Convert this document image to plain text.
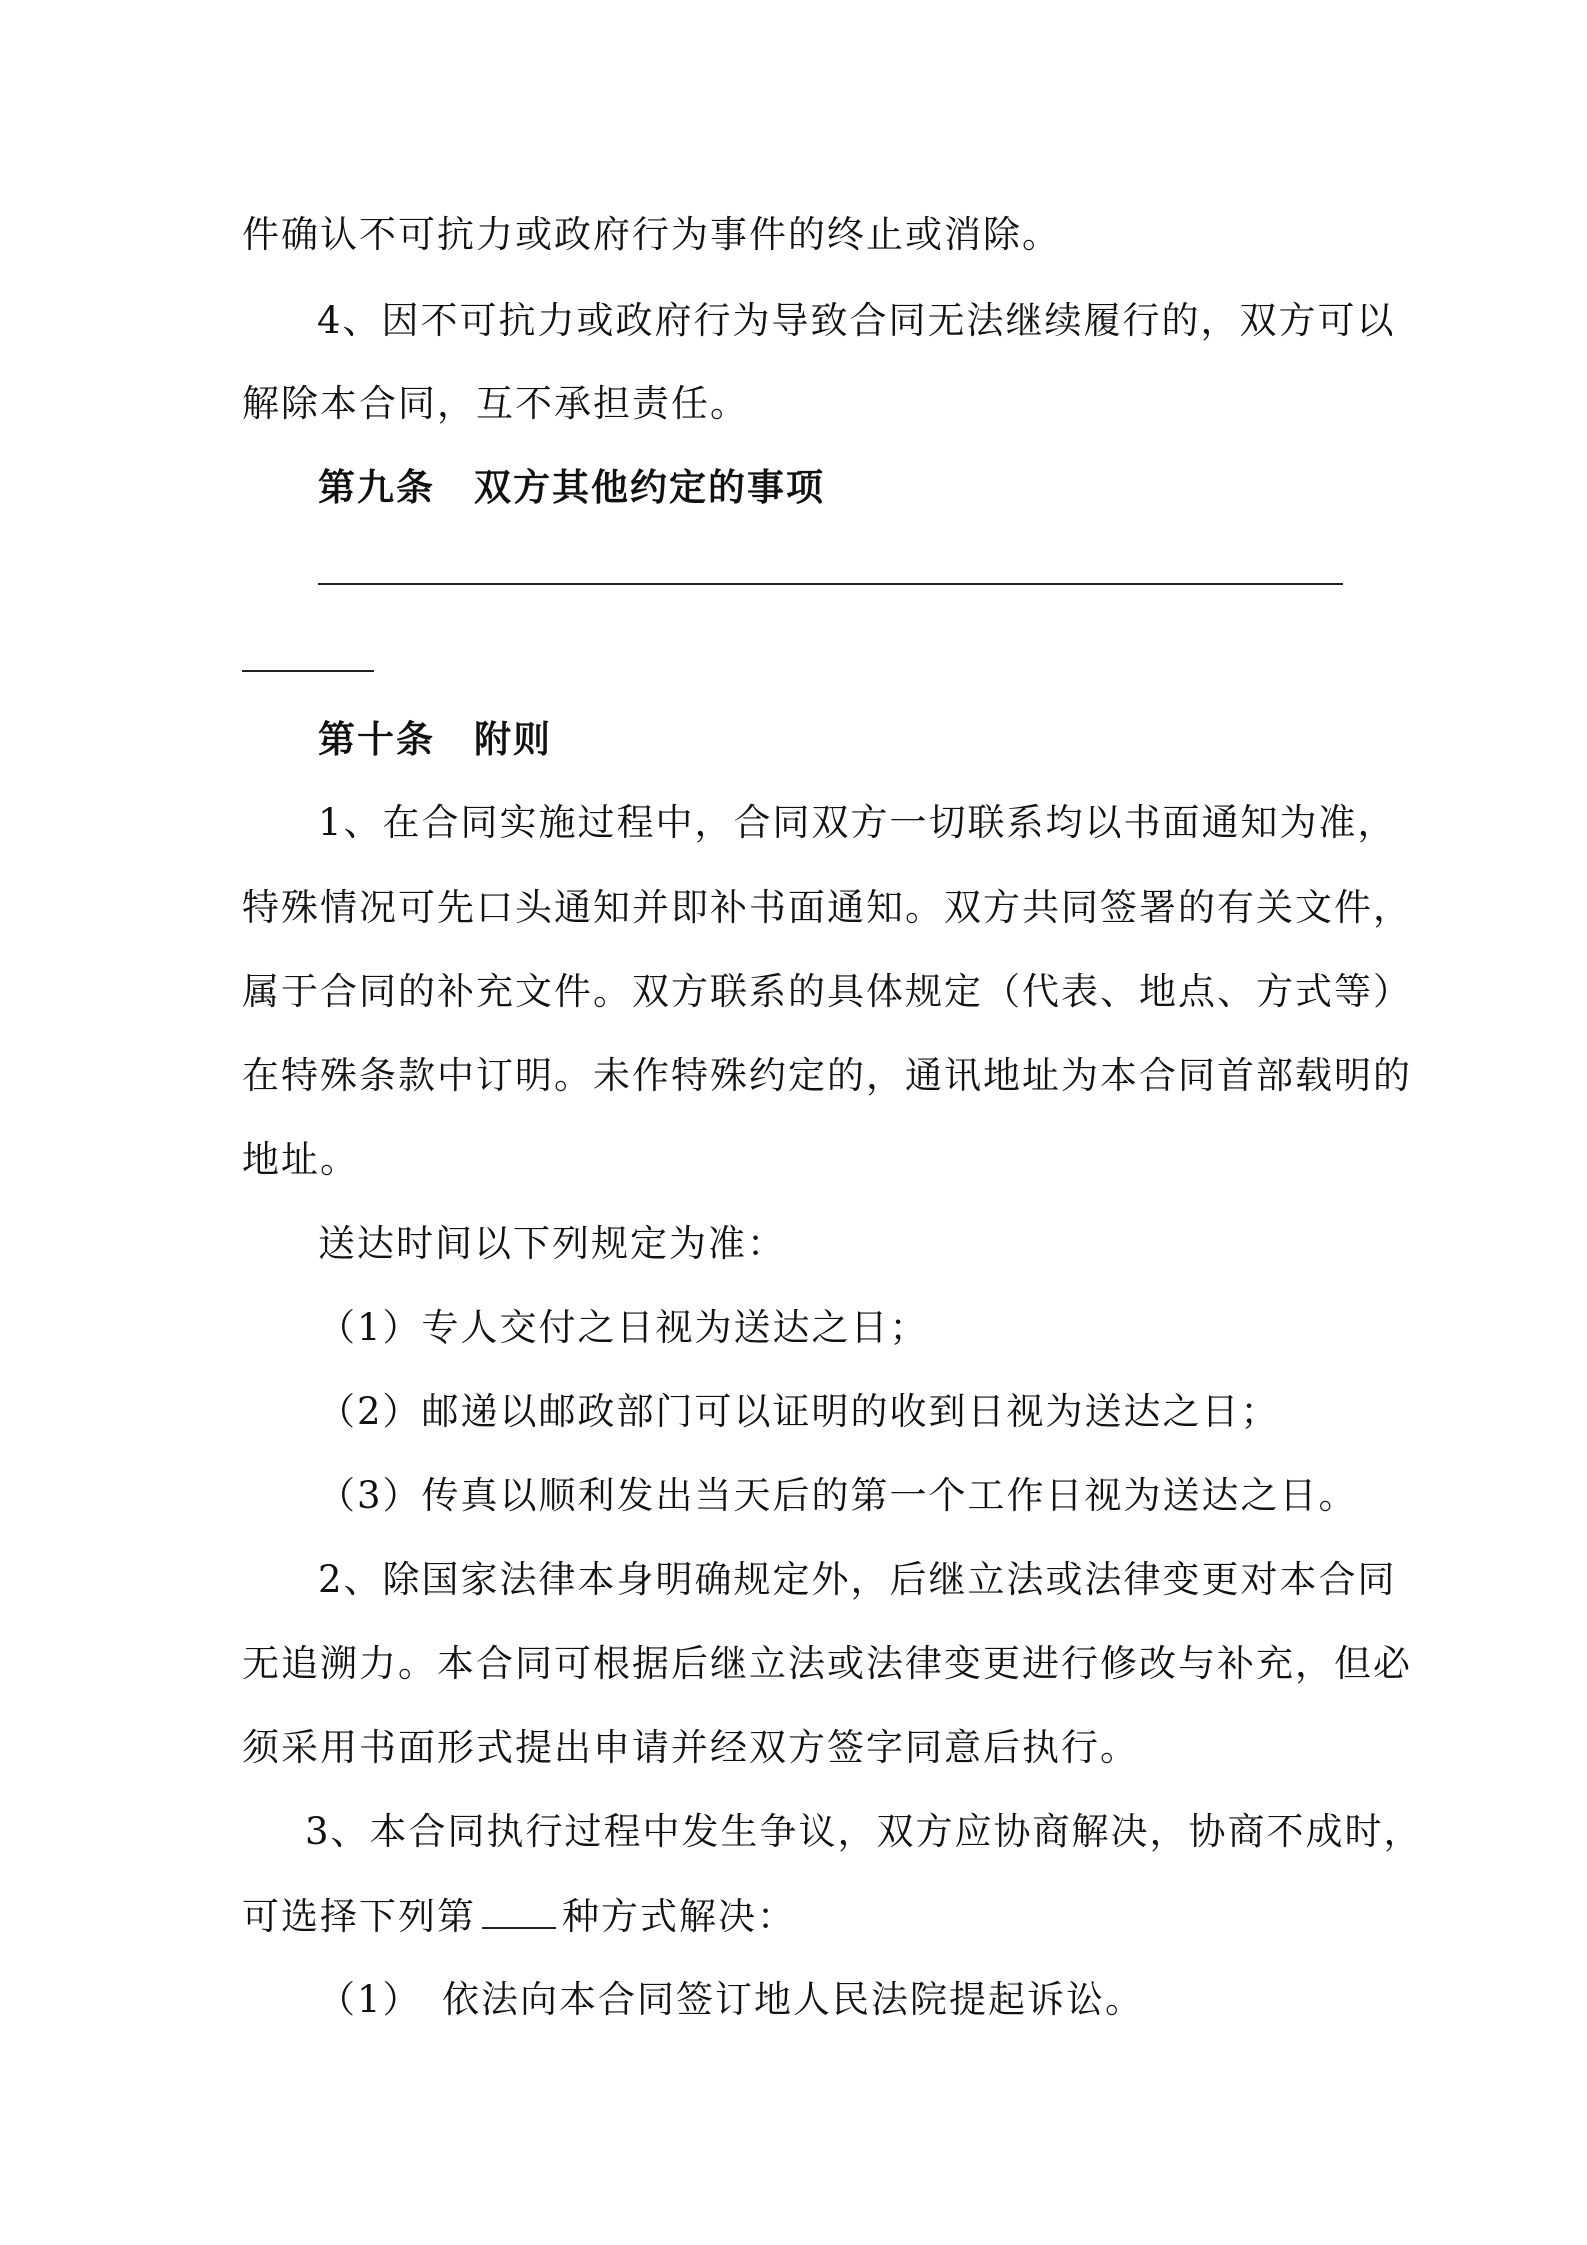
件确认不可抗力或政府行为事件的终止或消除。
4、因不可抗力或政府行为导致合同无法继续履行的，双方可以
解除本合同，互不承担责任。
第九条　双方其他约定的事项
第十条　附则
1、在合同实施过程中，合同双方一切联系均以书面通知为准，
特殊情况可先口头通知并即补书面通知。双方共同签署的有关文件，
属于合同的补充文件。双方联系的具体规定（代表、地点、方式等）
在特殊条款中订明。未作特殊约定的，通讯地址为本合同首部载明的
地址。
送达时间以下列规定为准：
（1）专人交付之日视为送达之日；
（2）邮递以邮政部门可以证明的收到日视为送达之日；
（3）传真以顺利发出当天后的第一个工作日视为送达之日。
2、除国家法律本身明确规定外，后继立法或法律变更对本合同
无追溯力。本合同可根据后继立法或法律变更进行修改与补充，但必
须采用书面形式提出申请并经双方签字同意后执行。
3、本合同执行过程中发生争议，双方应协商解决，协商不成时，
可选择下列第 种方式解决：
（1）　依法向本合同签订地人民法院提起诉讼。
